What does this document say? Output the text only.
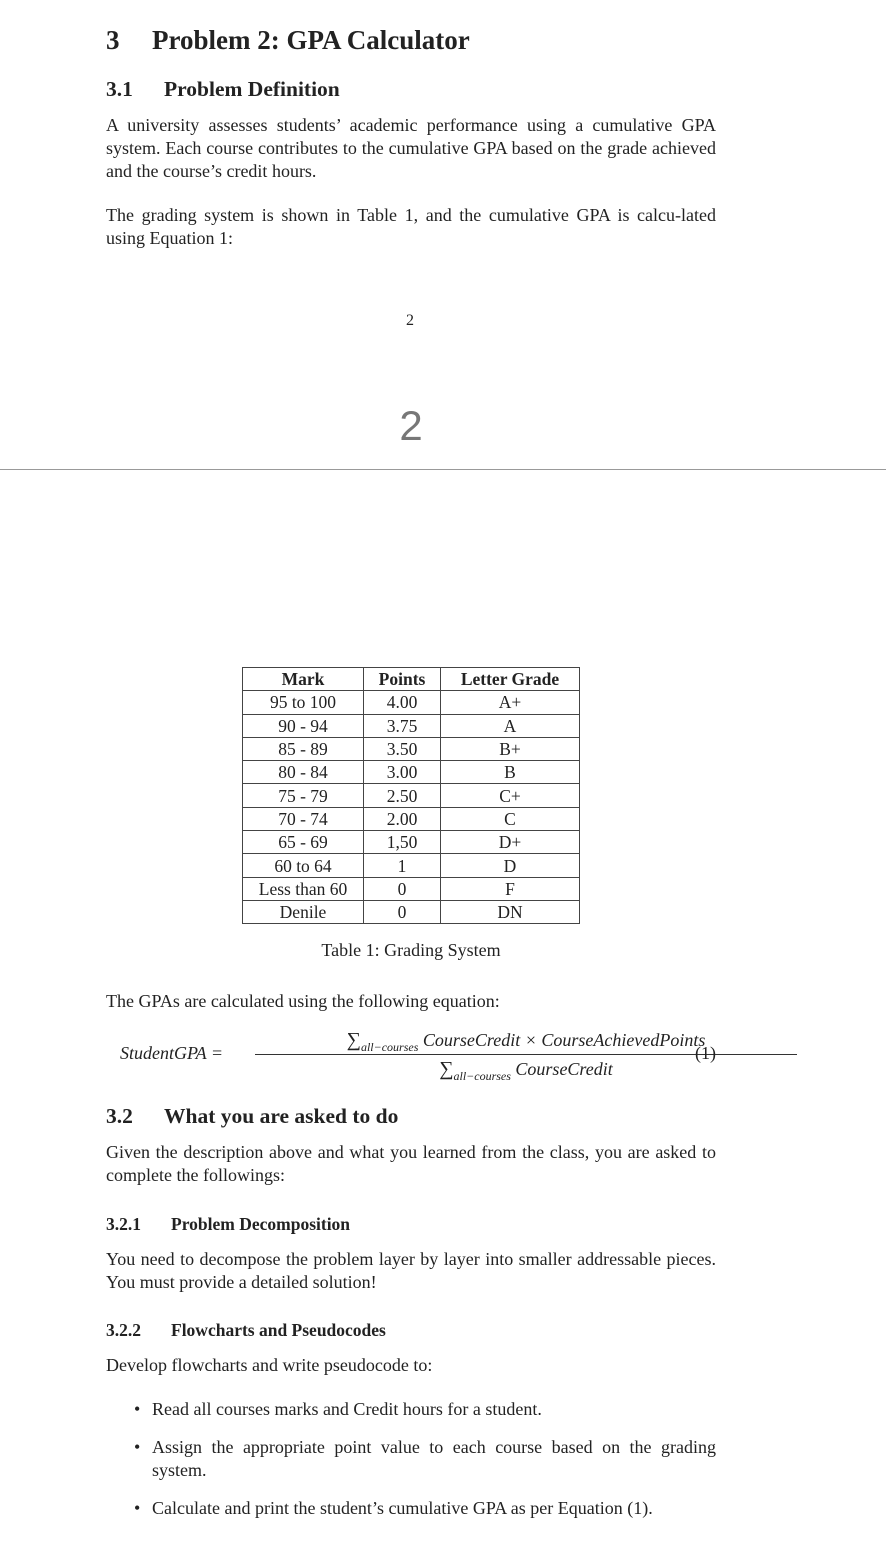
3 Problem 2: GPA Calculator
3.1 Problem Definition
A university assesses students’ academic performance using a cumulative GPA system. Each course contributes to the cumulative GPA based on the grade achieved and the course’s credit hours.
The grading system is shown in Table 1, and the cumulative GPA is calcu-lated using Equation 1:
2
2
Mark	Points	Letter Grade
95 to 100	4.00	A+
90 - 94	3.75	A
85 - 89	3.50	B+
80 - 84	3.00	B
75 - 79	2.50	C+
70 - 74	2.00	C
65 - 69	1,50	D+
60 to 64	1	D
Less than 60	0	F
Denile	0	DN
Table 1: Grading System
The GPAs are calculated using the following equation:
StudentGPA =
$\sum_{all-courses}$ CourseCredit × CourseAchievedPoints
$\sum_{all-courses}$ CourseCredit
(1)
3.2 What you are asked to do
Given the description above and what you learned from the class, you are asked to complete the followings:
3.2.1 Problem Decomposition
You need to decompose the problem layer by layer into smaller addressable pieces. You must provide a detailed solution!
3.2.2 Flowcharts and Pseudocodes
Develop flowcharts and write pseudocode to:
• Read all courses marks and Credit hours for a student.
• Assign the appropriate point value to each course based on the grading system.
• Calculate and print the student’s cumulative GPA as per Equation (1).
